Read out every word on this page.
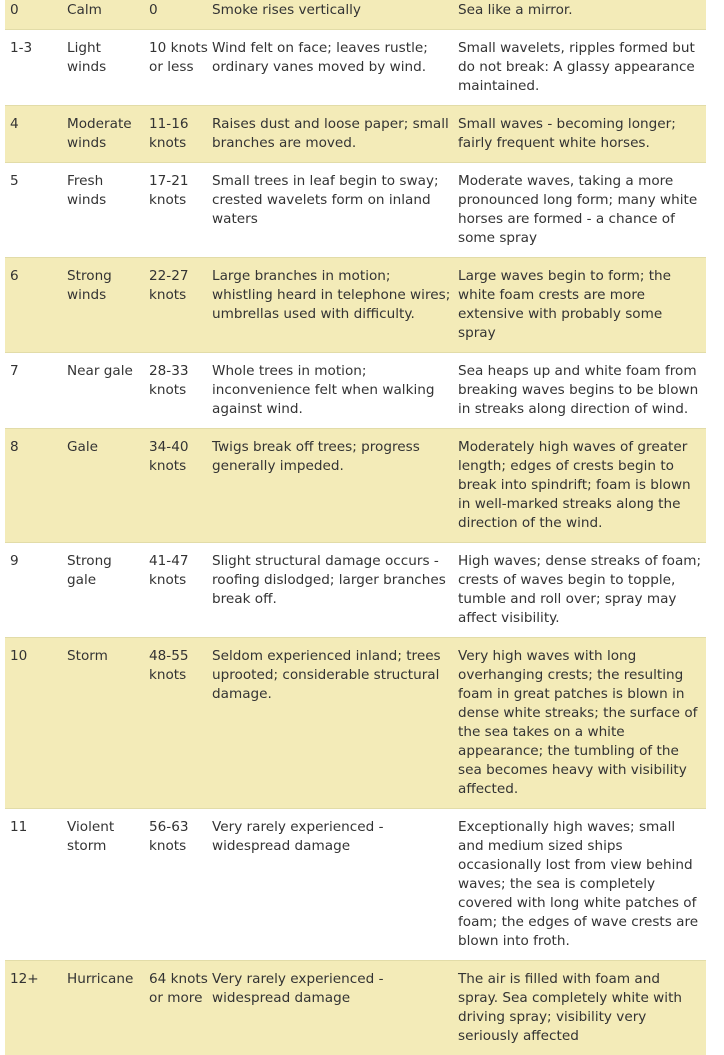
0	Calm	0	Smoke rises vertically	Sea like a mirror.
1-3	Light winds	10 knots or less	Wind felt on face; leaves rustle; ordinary vanes moved by wind.	Small wavelets, ripples formed but do not break: A glassy appearance maintained.
4	Moderate winds	11-16 knots	Raises dust and loose paper; small branches are moved.	Small waves - becoming longer; fairly frequent white horses.
5	Fresh winds	17-21 knots	Small trees in leaf begin to sway; crested wavelets form on inland waters	Moderate waves, taking a more pronounced long form; many white horses are formed - a chance of some spray
6	Strong winds	22-27 knots	Large branches in motion; whistling heard in telephone wires; umbrellas used with difficulty.	Large waves begin to form; the white foam crests are more extensive with probably some spray
7	Near gale	28-33 knots	Whole trees in motion; inconvenience felt when walking against wind.	Sea heaps up and white foam from breaking waves begins to be blown in streaks along direction of wind.
8	Gale	34-40 knots	Twigs break off trees; progress generally impeded.	Moderately high waves of greater length; edges of crests begin to break into spindrift; foam is blown in well-marked streaks along the direction of the wind.
9	Strong gale	41-47 knots	Slight structural damage occurs - roofing dislodged; larger branches break off.	High waves; dense streaks of foam; crests of waves begin to topple, tumble and roll over; spray may affect visibility.
10	Storm	48-55 knots	Seldom experienced inland; trees uprooted; considerable structural damage.	Very high waves with long overhanging crests; the resulting foam in great patches is blown in dense white streaks; the surface of the sea takes on a white appearance; the tumbling of the sea becomes heavy with visibility affected.
11	Violent storm	56-63 knots	Very rarely experienced - widespread damage	Exceptionally high waves; small and medium sized ships occasionally lost from view behind waves; the sea is completely covered with long white patches of foam; the edges of wave crests are blown into froth.
12+	Hurricane	64 knots or more	Very rarely experienced - widespread damage	The air is filled with foam and spray. Sea completely white with driving spray; visibility very seriously affected
